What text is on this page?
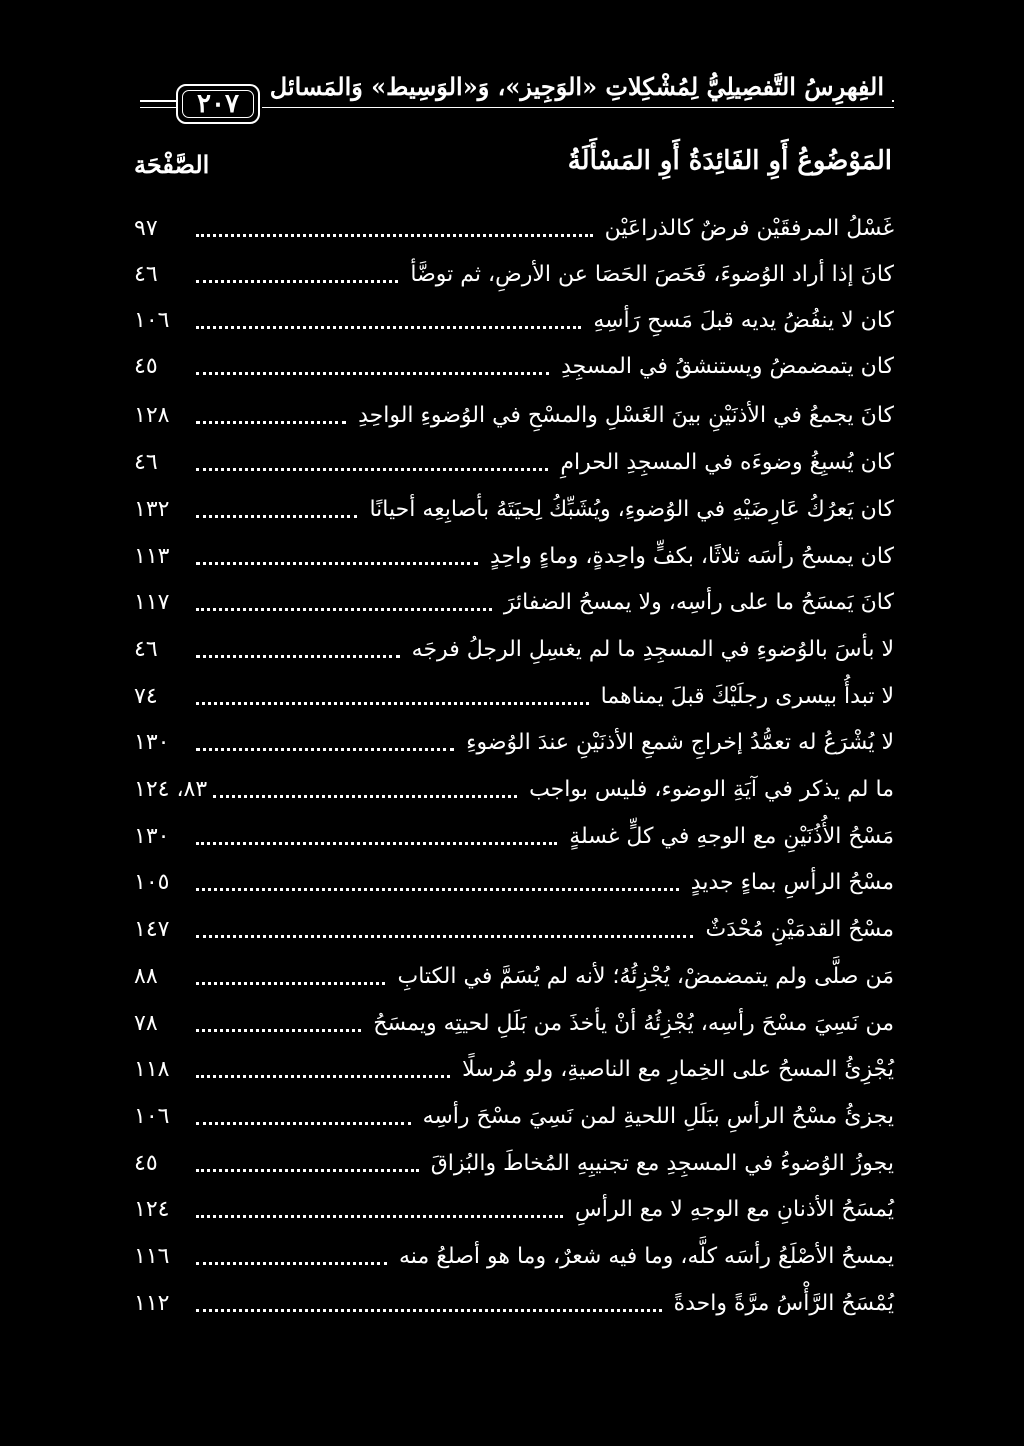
٢٠٧
الفِهرِسُ التَّفصِيلِيُّ لِمُشْكِلاتِ «الوَجِيز»، وَ«الوَسِيط» وَالمَسائل
المَوْضُوعُ أَوِ الفَائِدَةُ أَوِ المَسْأَلَةُ
الصَّفْحَة
غَسْلُ المرفقَيْن فرضٌ كالذراعَيْن
٩٧
كانَ إذا أراد الوُضوءَ، فَحَصَ الحَصَا عن الأرضِ، ثم توضَّأ
٤٦
كان لا ينفُضُ يديه قبلَ مَسحِ رَأسِهِ
١٠٦
كان يتمضمضُ ويستنشقُ في المسجِدِ
٤٥
كانَ يجمعُ في الأذنَيْنِ بينَ الغَسْلِ والمسْحِ في الوُضوءِ الواحِدِ
١٢٨
كان يُسبِغُ وضوءَه في المسجِدِ الحرامِ
٤٦
كان يَعرُكُ عَارِضَيْهِ في الوُضوءِ، ويُشَبِّكُ لِحيَتَهُ بأصابِعِه أحيانًا
١٣٢
كان يمسحُ رأسَه ثلاثًا، بكفٍّ واحِدةٍ، وماءٍ واحِدٍ
١١٣
كانَ يَمسَحُ ما على رأسِه، ولا يمسحُ الضفائرَ
١١٧
لا بأسَ بالوُضوءِ في المسجِدِ ما لم يغسِلِ الرجلُ فرجَه
٤٦
لا تبدأُ بيسرى رجلَيْكَ قبلَ يمناهما
٧٤
لا يُشْرَعُ له تعمُّدُ إخراجِ شمعِ الأذنَيْنِ عندَ الوُضوءِ
١٣٠
ما لم يذكر في آيَةِ الوضوء، فليس بواجب
٨٣، ١٢٤
مَسْحُ الأُذُنَيْنِ مع الوجهِ في كلٍّ غسلةٍ
١٣٠
مسْحُ الرأسِ بماءٍ جديدٍ
١٠٥
مسْحُ القدمَيْنِ مُحْدَثٌ
١٤٧
مَن صلَّى ولم يتمضمضْ، يُجْزِئُهُ؛ لأنه لم يُسَمَّ في الكتابِ
٨٨
من نَسِيَ مسْحَ رأسِه، يُجْزِئُهُ أنْ يأخذَ من بَلَلِ لحيتِه ويمسَحُ
٧٨
يُجْزِئُ المسحُ على الخِمارِ مع الناصيةِ، ولو مُرسلًا
١١٨
يجزئُ مسْحُ الرأسِ ببَلَلِ اللحيةِ لمن نَسِيَ مسْحَ رأسِه
١٠٦
يجوزُ الوُضوءُ في المسجِدِ مع تجنيبِهِ المُخاطَ والبُزاقَ
٤٥
يُمسَحُ الأذنانِ مع الوجهِ لا مع الرأسِ
١٢٤
يمسحُ الأصْلَعُ رأسَه كلَّه، وما فيه شعرٌ، وما هو أصلعُ منه
١١٦
يُمْسَحُ الرَّأْسُ مرَّةً واحدةً
١١٢
